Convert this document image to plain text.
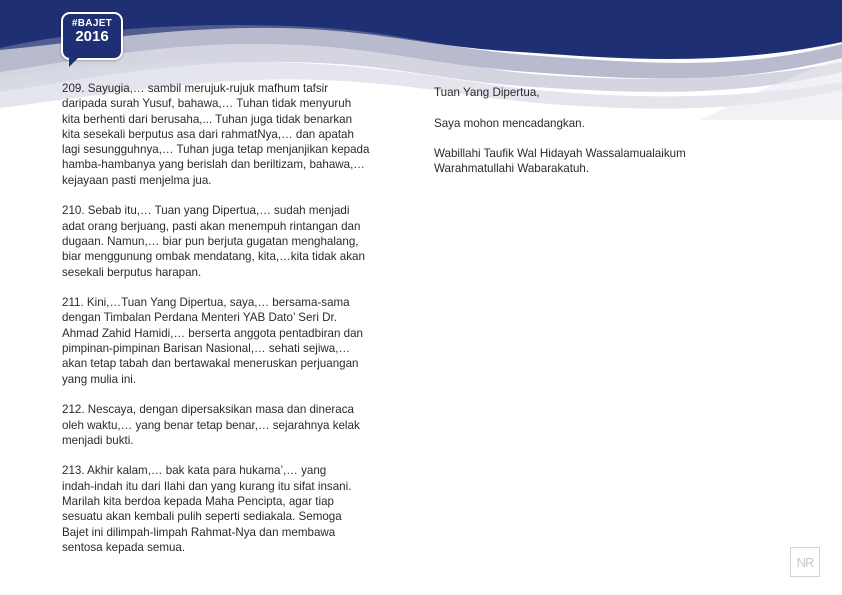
#BAJET
2016
209. Sayugia,… sambil merujuk-rujuk mafhum tafsir
daripada surah Yusuf, bahawa,… Tuhan tidak menyuruh
kita berhenti dari berusaha,... Tuhan juga tidak benarkan
kita sesekali berputus asa dari rahmatNya,… dan apatah
lagi sesungguhnya,… Tuhan juga tetap menjanjikan kepada
hamba-hambanya yang berislah dan beriltizam, bahawa,…
kejayaan pasti menjelma jua.
210. Sebab itu,… Tuan yang Dipertua,… sudah menjadi
adat orang berjuang, pasti akan menempuh rintangan dan
dugaan. Namun,… biar pun berjuta gugatan menghalang,
biar menggunung ombak mendatang, kita,…kita tidak akan
sesekali berputus harapan.
211. Kini,…Tuan Yang Dipertua, saya,… bersama-sama
dengan Timbalan Perdana Menteri YAB Dato’ Seri Dr.
Ahmad Zahid Hamidi,… berserta anggota pentadbiran dan
pimpinan-pimpinan Barisan Nasional,… sehati sejiwa,…
akan tetap tabah dan bertawakal meneruskan perjuangan
yang mulia ini.
212. Nescaya, dengan dipersaksikan masa dan dineraca
oleh waktu,… yang benar tetap benar,… sejarahnya kelak
menjadi bukti.
213. Akhir kalam,… bak kata para hukama’,… yang
indah-indah itu dari Ilahi dan yang kurang itu sifat insani.
Marilah kita berdoa kepada Maha Pencipta, agar tiap
sesuatu akan kembali pulih seperti sediakala. Semoga
Bajet ini dilimpah-limpah Rahmat-Nya dan membawa
sentosa kepada semua.
Tuan Yang Dipertua,
Saya mohon mencadangkan.
Wabillahi Taufik Wal Hidayah Wassalamualaikum
Warahmatullahi Wabarakatuh.
NR
